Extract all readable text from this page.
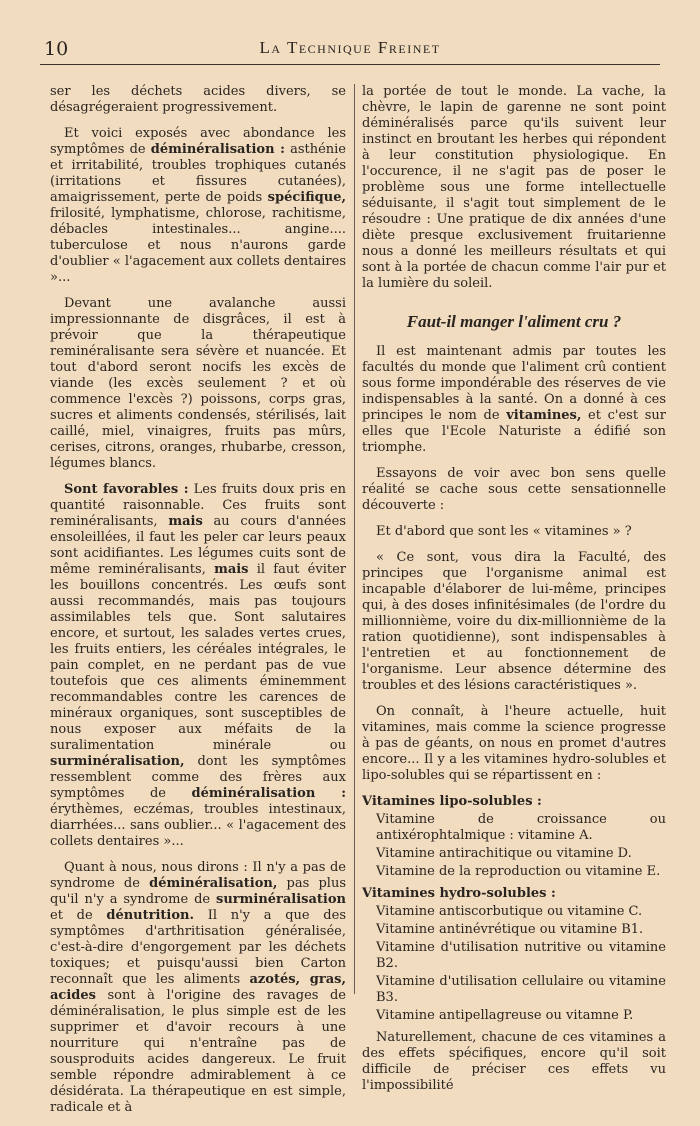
10	La Technique Freinet

ser les déchets acides divers, se désagrégeraient progressivement.

Et voici exposés avec abondance les symptômes de déminéralisation : asthénie et irritabilité, troubles trophiques cutanés (irritations et fissures cutanées), amaigrissement, perte de poids spécifique, frilosité, lymphatisme, chlorose, rachitisme, débacles intestinales... angine.... tuberculose et nous n'aurons garde d'oublier « l'agacement aux collets dentaires »...

Devant une avalanche aussi impressionnante de disgrâces, il est à prévoir que la thérapeutique reminéralisante sera sévère et nuancée. Et tout d'abord seront nocifs les excès de viande (les excès seulement ? et où commence l'excès ?) poissons, corps gras, sucres et aliments condensés, stérilisés, lait caillé, miel, vinaigres, fruits pas mûrs, cerises, citrons, oranges, rhubarbe, cresson, légumes blancs.

Sont favorables : Les fruits doux pris en quantité raisonnable. Ces fruits sont reminéralisants, mais au cours d'années ensoleillées, il faut les peler car leurs peaux sont acidifiantes. Les légumes cuits sont de même reminéralisants, mais il faut éviter les bouillons concentrés. Les œufs sont aussi recommandés, mais pas toujours assimilables tels que. Sont salutaires encore, et surtout, les salades vertes crues, les fruits entiers, les céréales intégrales, le pain complet, en ne perdant pas de vue toutefois que ces aliments éminemment recommandables contre les carences de minéraux organiques, sont susceptibles de nous exposer aux méfaits de la suralimentation minérale ou surminéralisation, dont les symptômes ressemblent comme des frères aux symptômes de déminéralisation : érythèmes, eczémas, troubles intestinaux, diarrhées... sans oublier... « l'agacement des collets dentaires »...

Quant à nous, nous dirons : Il n'y a pas de syndrome de déminéralisation, pas plus qu'il n'y a syndrome de surminéralisation et de dénutrition. Il n'y a que des symptômes d'arthritisation généralisée, c'est-à-dire d'engorgement par les déchets toxiques; et puisqu'aussi bien Carton reconnaît que les aliments azotés, gras, acides sont à l'origine des ravages de déminéralisation, le plus simple est de les supprimer et d'avoir recours à une nourriture qui n'entraîne pas de sousproduits acides dangereux. Le fruit semble répondre admirablement à ce désidérata. La thérapeutique en est simple, radicale et à

la portée de tout le monde. La vache, la chèvre, le lapin de garenne ne sont point déminéralisés parce qu'ils suivent leur instinct en broutant les herbes qui répondent à leur constitution physiologique. En l'occurence, il ne s'agit pas de poser le problème sous une forme intellectuelle séduisante, il s'agit tout simplement de le résoudre : Une pratique de dix années d'une diète presque exclusivement fruitarienne nous a donné les meilleurs résultats et qui sont à la portée de chacun comme l'air pur et la lumière du soleil.

Faut-il manger l'aliment cru ?

Il est maintenant admis par toutes les facultés du monde que l'aliment crû contient sous forme impondérable des réserves de vie indispensables à la santé. On a donné à ces principes le nom de vitamines, et c'est sur elles que l'Ecole Naturiste a édifié son triomphe.

Essayons de voir avec bon sens quelle réalité se cache sous cette sensationnelle découverte :

Et d'abord que sont les « vitamines » ?

« Ce sont, vous dira la Faculté, des principes que l'organisme animal est incapable d'élaborer de lui-même, principes qui, à des doses infinitésimales (de l'ordre du millionnième, voire du dix-millionnième de la ration quotidienne), sont indispensables à l'entretien et au fonctionnement de l'organisme. Leur absence détermine des troubles et des lésions caractéristiques ».

On connaît, à l'heure actuelle, huit vitamines, mais comme la science progresse à pas de géants, on nous en promet d'autres encore... Il y a les vitamines hydro-solubles et lipo-solubles qui se répartissent en :

Vitamines lipo-solubles :
Vitamine de croissance ou antixérophtalmique : vitamine A.
Vitamine antirachitique ou vitamine D.
Vitamine de la reproduction ou vitamine E.
Vitamines hydro-solubles :
Vitamine antiscorbutique ou vitamine C.
Vitamine antinévrétique ou vitamine B1.
Vitamine d'utilisation nutritive ou vitamine B2.
Vitamine d'utilisation cellulaire ou vitamine B3.
Vitamine antipellagreuse ou vitamne P.

Naturellement, chacune de ces vitamines a des effets spécifiques, encore qu'il soit difficile de préciser ces effets vu l'impossibilité
